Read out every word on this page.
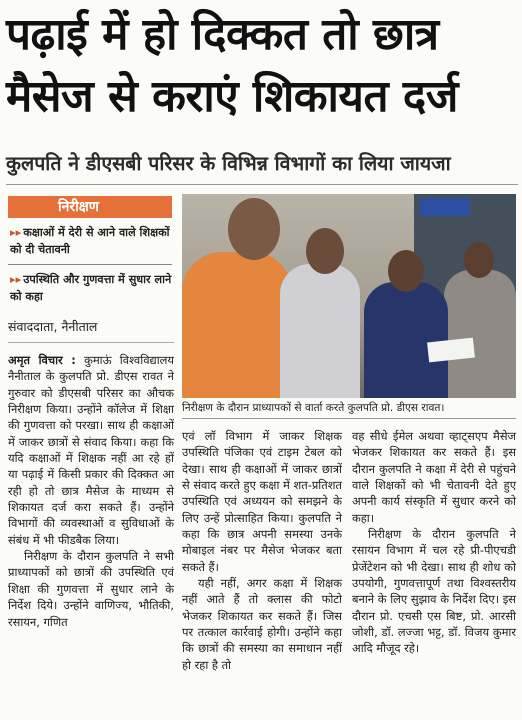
पढ़ाई में हो दिक्कत तो छात्र
मैसेज से कराएं शिकायत दर्ज
कुलपति ने डीएसबी परिसर के विभिन्न विभागों का लिया जायजा
निरीक्षण
▸▸ कक्षाओं में देरी से आने वाले शिक्षकों को दी चेतावनी
▸▸ उपस्थिति और गुणवत्ता में सुधार लाने को कहा
संवाददाता, नैनीताल
निरीक्षण के दौरान प्राध्यापकों से वार्ता करते कुलपति प्रो. डीएस रावत।

अमृत विचार : कुमाऊं विश्वविद्यालय नैनीताल के कुलपति प्रो. डीएस रावत ने गुरुवार को डीएसबी परिसर का औचक निरीक्षण किया। उन्होंने कॉलेज में शिक्षा की गुणवत्ता को परखा। साथ ही कक्षाओं में जाकर छात्रों से संवाद किया। कहा कि यदि कक्षाओं में शिक्षक नहीं आ रहे हों या पढ़ाई में किसी प्रकार की दिक्कत आ रही हो तो छात्र मैसेज के माध्यम से शिकायत दर्ज करा सकते हैं। उन्होंने विभागों की व्यवस्थाओं व सुविधाओं के संबंध में भी फीडबैक लिया।

निरीक्षण के दौरान कुलपति ने सभी प्राध्यापकों को छात्रों की उपस्थिति एवं शिक्षा की गुणवत्ता में सुधार लाने के निर्देश दिये। उन्होंने वाणिज्य, भौतिकी, रसायन, गणित

एवं लॉ विभाग में जाकर शिक्षक उपस्थिति पंजिका एवं टाइम टेबल को देखा। साथ ही कक्षाओं में जाकर छात्रों से संवाद करते हुए कक्षा में शत-प्रतिशत उपस्थिति एवं अध्ययन को समझने के लिए उन्हें प्रोत्साहित किया। कुलपति ने कहा कि छात्र अपनी समस्या उनके मोबाइल नंबर पर मैसेज भेजकर बता सकते हैं।

यही नहीं, अगर कक्षा में शिक्षक नहीं आते हैं तो क्लास की फोटो भेजकर शिकायत कर सकते हैं। जिस पर तत्काल कार्रवाई होगी। उन्होंने कहा कि छात्रों की समस्या का समाधान नहीं हो रहा है तो

वह सीधे ईमेल अथवा व्हाट्सएप मैसेज भेजकर शिकायत कर सकते हैं। इस दौरान कुलपति ने कक्षा में देरी से पहुंचने वाले शिक्षकों को भी चेतावनी देते हुए अपनी कार्य संस्कृति में सुधार करने को कहा।

निरीक्षण के दौरान कुलपति ने रसायन विभाग में चल रहे प्री-पीएचडी प्रेजेंटेशन को भी देखा। साथ ही शोध को उपयोगी, गुणवत्तापूर्ण तथा विश्वस्तरीय बनाने के लिए सुझाव के निर्देश दिए। इस दौरान प्रो. एचसी एस बिष्ट, प्रो. आरसी जोशी, डॉ. लज्जा भट्ट, डॉ. विजय कुमार आदि मौजूद रहे।
